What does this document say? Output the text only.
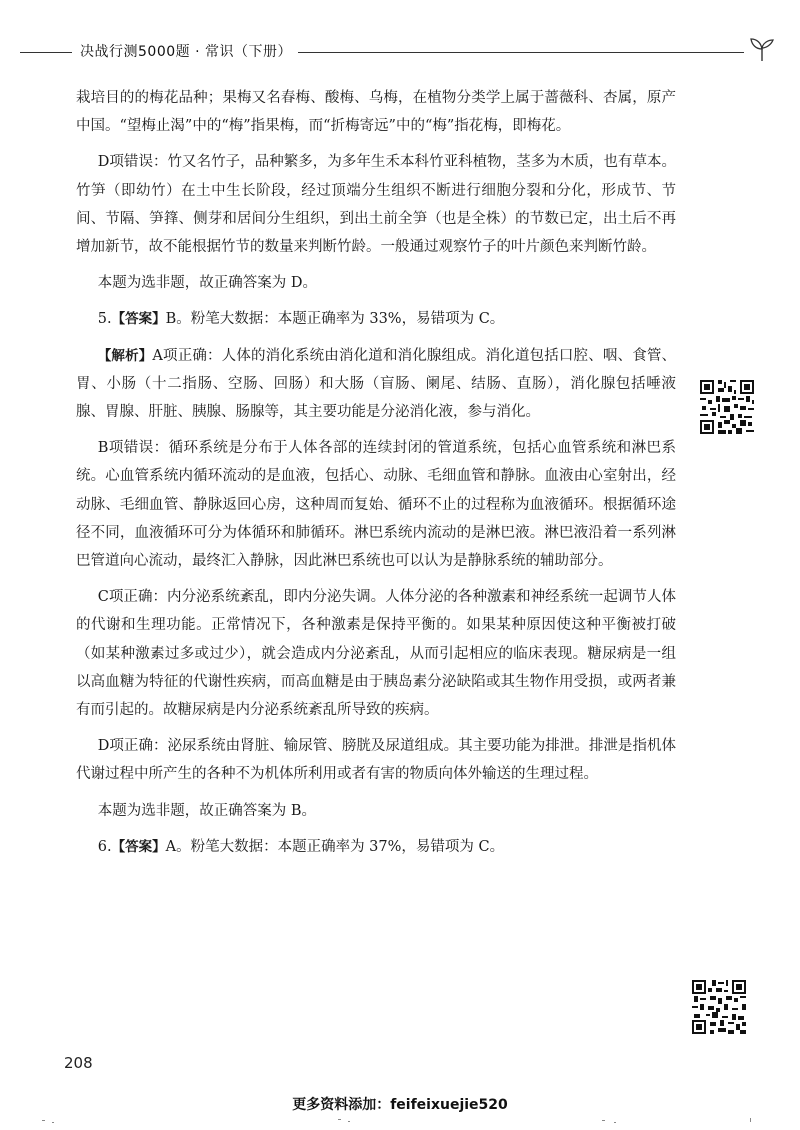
决战行测5000题 · 常识（下册）

栽培目的的梅花品种；果梅又名春梅、酸梅、乌梅，在植物分类学上属于蔷薇科、杏属，原产中国。“望梅止渴”中的“梅”指果梅，而“折梅寄远”中的“梅”指花梅，即梅花。

D项错误：竹又名竹子，品种繁多，为多年生禾本科竹亚科植物，茎多为木质，也有草本。竹笋（即幼竹）在土中生长阶段，经过顶端分生组织不断进行细胞分裂和分化，形成节、节间、节隔、笋箨、侧芽和居间分生组织，到出土前全笋（也是全株）的节数已定，出土后不再增加新节，故不能根据竹节的数量来判断竹龄。一般通过观察竹子的叶片颜色来判断竹龄。

本题为选非题，故正确答案为 D。

5.【答案】B。粉笔大数据：本题正确率为 33%，易错项为 C。

【解析】A项正确：人体的消化系统由消化道和消化腺组成。消化道包括口腔、咽、食管、胃、小肠（十二指肠、空肠、回肠）和大肠（盲肠、阑尾、结肠、直肠），消化腺包括唾液腺、胃腺、肝脏、胰腺、肠腺等，其主要功能是分泌消化液，参与消化。

B项错误：循环系统是分布于人体各部的连续封闭的管道系统，包括心血管系统和淋巴系统。心血管系统内循环流动的是血液，包括心、动脉、毛细血管和静脉。血液由心室射出，经动脉、毛细血管、静脉返回心房，这种周而复始、循环不止的过程称为血液循环。根据循环途径不同，血液循环可分为体循环和肺循环。淋巴系统内流动的是淋巴液。淋巴液沿着一系列淋巴管道向心流动，最终汇入静脉，因此淋巴系统也可以认为是静脉系统的辅助部分。

C项正确：内分泌系统紊乱，即内分泌失调。人体分泌的各种激素和神经系统一起调节人体的代谢和生理功能。正常情况下，各种激素是保持平衡的。如果某种原因使这种平衡被打破（如某种激素过多或过少），就会造成内分泌紊乱，从而引起相应的临床表现。糖尿病是一组以高血糖为特征的代谢性疾病，而高血糖是由于胰岛素分泌缺陷或其生物作用受损，或两者兼有而引起的。故糖尿病是内分泌系统紊乱所导致的疾病。

D项正确：泌尿系统由肾脏、输尿管、膀胱及尿道组成。其主要功能为排泄。排泄是指机体代谢过程中所产生的各种不为机体所利用或者有害的物质向体外输送的生理过程。

本题为选非题，故正确答案为 B。

6.【答案】A。粉笔大数据：本题正确率为 37%，易错项为 C。

208
更多资料添加：feifeixuejie520
